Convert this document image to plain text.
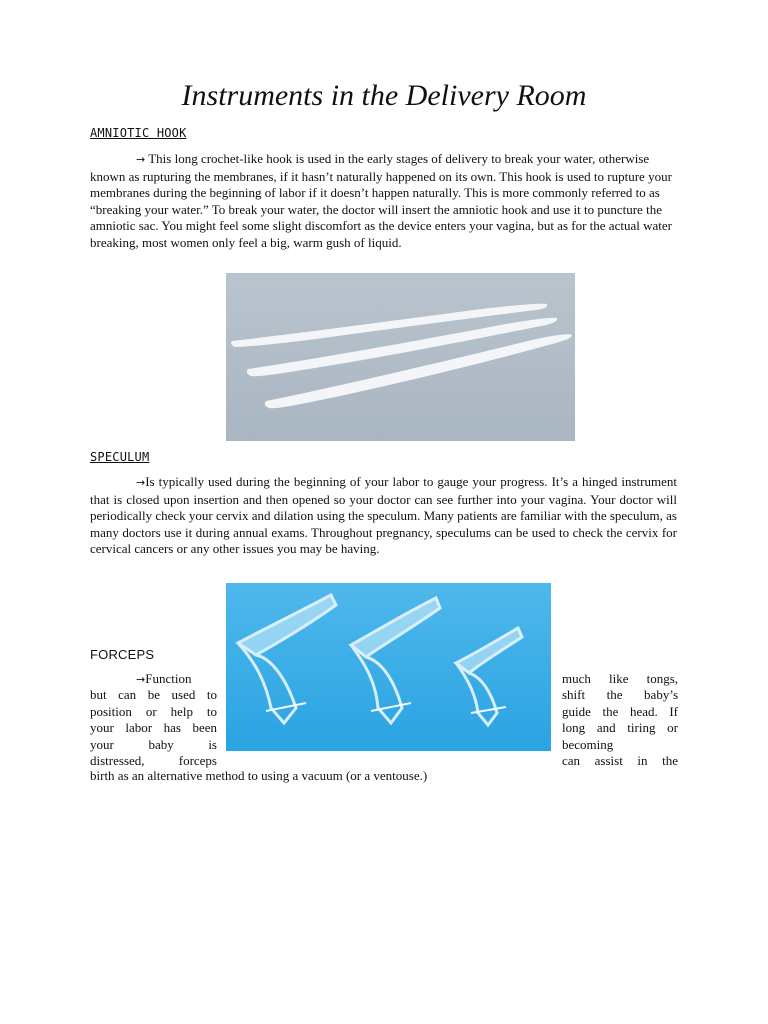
Instruments in the Delivery Room
AMNIOTIC HOOK

→ This long crochet-like hook is used in the early stages of delivery to break your water, otherwise known as rupturing the membranes, if it hasn’t naturally happened on its own. This hook is used to rupture your membranes during the beginning of labor if it doesn’t happen naturally. This is more commonly referred to as “breaking your water.” To break your water, the doctor will insert the amniotic hook and use it to puncture the amniotic sac. You might feel some slight discomfort as the device enters your vagina, but as for the actual water breaking, most women only feel a big, warm gush of liquid.

SPECULUM

→Is typically used during the beginning of your labor to gauge your progress. It’s a hinged instrument that is closed upon insertion and then opened so your doctor can see further into your vagina. Your doctor will periodically check your cervix and dilation using the speculum. Many patients are familiar with the speculum, as many doctors use it during annual exams. Throughout pregnancy, speculums can be used to check the cervix for cervical cancers or any other issues you may be having.

FORCEPS
→Function
but can be used to
position or help to
your labor has been
your baby is
distressed, forceps
much like tongs,
shift the baby’s
guide the head. If
long and tiring or
becoming
can assist in the
birth as an alternative method to using a vacuum (or a ventouse.)
